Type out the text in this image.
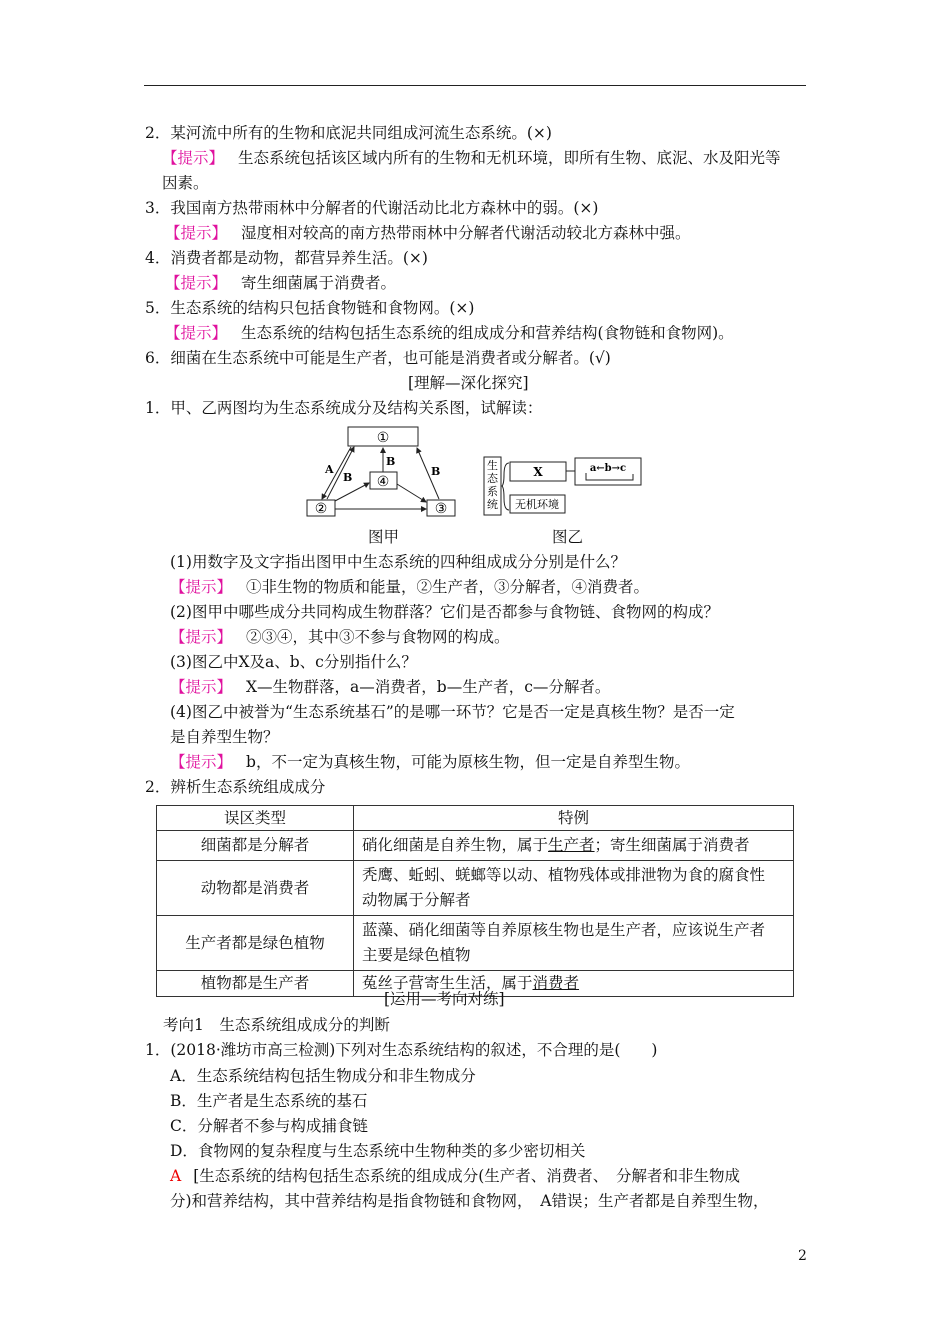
2．某河流中所有的生物和底泥共同组成河流生态系统。(×)
【提示】 生态系统包括该区域内所有的生物和无机环境，即所有生物、底泥、水及阳光等
因素。
3．我国南方热带雨林中分解者的代谢活动比北方森林中的弱。(×)
【提示】 湿度相对较高的南方热带雨林中分解者代谢活动较北方森林中强。
4．消费者都是动物，都营异养生活。(×)
【提示】 寄生细菌属于消费者。
5．生态系统的结构只包括食物链和食物网。(×)
【提示】 生态系统的结构包括生态系统的组成成分和营养结构(食物链和食物网)。
6．细菌在生态系统中可能是生产者，也可能是消费者或分解者。(√)
[理解—深化探究]
1．甲、乙两图均为生态系统成分及结构关系图，试解读：
①
②	③
④
A
B
B
B
图甲
生
态
系
统
X	a←b→c
无机环境
图乙
(1)用数字及文字指出图甲中生态系统的四种组成成分分别是什么？
【提示】 ①非生物的物质和能量，②生产者，③分解者，④消费者。
(2)图甲中哪些成分共同构成生物群落？它们是否都参与食物链、食物网的构成？
【提示】 ②③④，其中③不参与食物网的构成。
(3)图乙中X及a、b、c分别指什么？
【提示】 X—生物群落，a—消费者，b—生产者，c—分解者。
(4)图乙中被誉为“生态系统基石”的是哪一环节？它是否一定是真核生物？是否一定
是自养型生物？
【提示】 b，不一定为真核生物，可能为原核生物，但一定是自养型生物。
2．辨析生态系统组成成分
误区类型	特例
细菌都是分解者	硝化细菌是自养生物，属于生产者；寄生细菌属于消费者
动物都是消费者	秃鹰、蚯蚓、蜣螂等以动、植物残体或排泄物为食的腐食性
动物属于分解者
生产者都是绿色植物	蓝藻、硝化细菌等自养原核生物也是生产者，应该说生产者
主要是绿色植物
植物都是生产者	菟丝子营寄生生活，属于消费者
[运用—考向对练]
考向1　生态系统组成成分的判断
1．(2018·潍坊市高三检测)下列对生态系统结构的叙述，不合理的是(　　)
A．生态系统结构包括生物成分和非生物成分
B．生产者是生态系统的基石
C．分解者不参与构成捕食链
D．食物网的复杂程度与生态系统中生物种类的多少密切相关
A [生态系统的结构包括生态系统的组成成分(生产者、消费者、　分解者和非生物成
分)和营养结构，其中营养结构是指食物链和食物网，　A错误；生产者都是自养型生物，
2
